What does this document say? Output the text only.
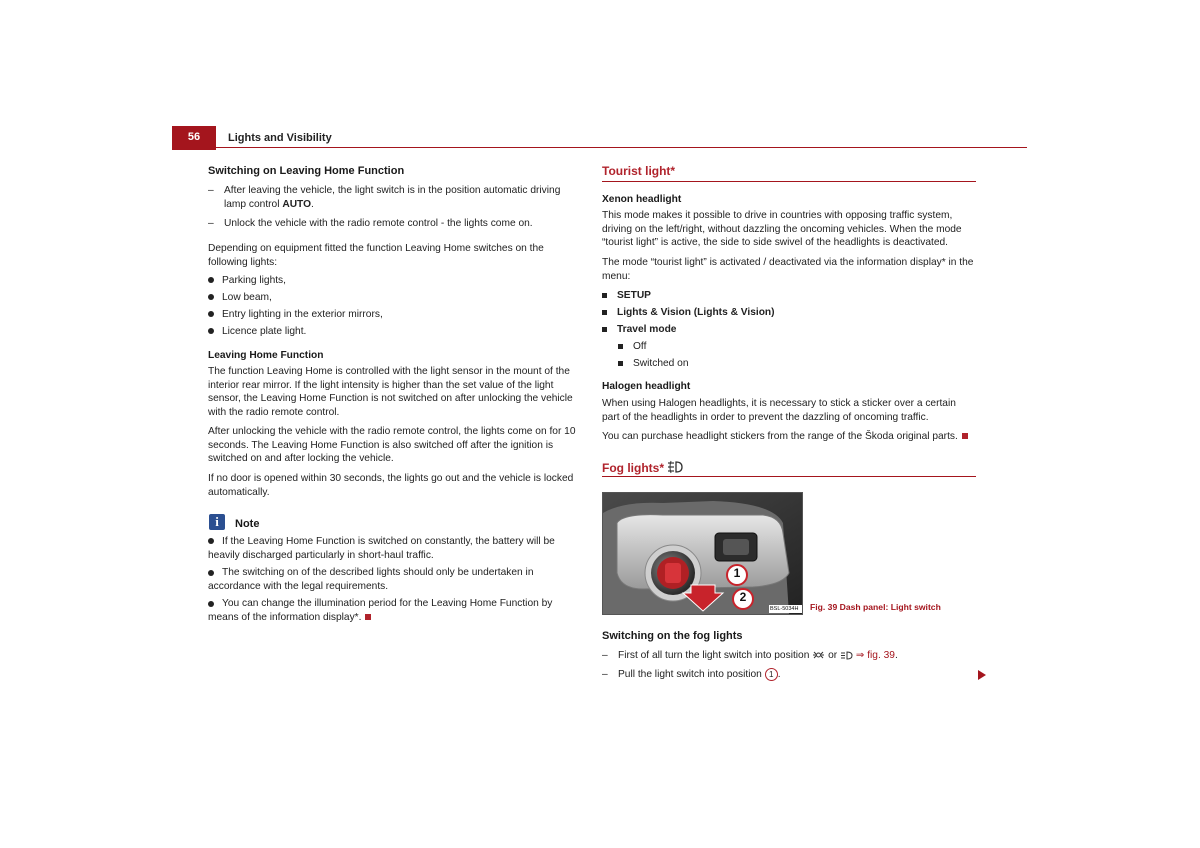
56	Lights and Visibility
Switching on Leaving Home Function
– After leaving the vehicle, the light switch is in the position automatic driving lamp control AUTO.
– Unlock the vehicle with the radio remote control - the lights come on.

Depending on equipment fitted the function Leaving Home switches on the following lights:

Parking lights,
Low beam,
Entry lighting in the exterior mirrors,
Licence plate light.
Leaving Home Function

The function Leaving Home is controlled with the light sensor in the mount of the interior rear mirror. If the light intensity is higher than the set value of the light sensor, the Leaving Home Function is not switched on after unlocking the vehicle with the radio remote control.

After unlocking the vehicle with the radio remote control, the lights come on for 10 seconds. The Leaving Home Function is also switched off after the ignition is switched on and after locking the vehicle.

If no door is opened within 30 seconds, the lights go out and the vehicle is locked automatically.

i	Note

If the Leaving Home Function is switched on constantly, the battery will be heavily discharged particularly in short-haul traffic.

The switching on of the described lights should only be undertaken in accordance with the legal requirements.

You can change the illumination period for the Leaving Home Function by means of the information display*.

Tourist light*
Xenon headlight

This mode makes it possible to drive in countries with opposing traffic system, driving on the left/right, without dazzling the oncoming vehicles. When the mode “tourist light” is active, the side to side swivel of the headlights is deactivated.

The mode “tourist light” is activated / deactivated via the information display* in the menu:

SETUP
Lights & Vision (Lights & Vision)
Travel mode
Off
Switched on
Halogen headlight

When using Halogen headlights, it is necessary to stick a sticker over a certain part of the headlights in order to prevent the dazzling of oncoming traffic.

You can purchase headlight stickers from the range of the Škoda original parts.

Fog lights*
1
2
BSL-5034H Fig. 39 Dash panel: Light switch
Switching on the fog lights
– First of all turn the light switch into position or ⇒ fig. 39.
– Pull the light switch into position 1 .
